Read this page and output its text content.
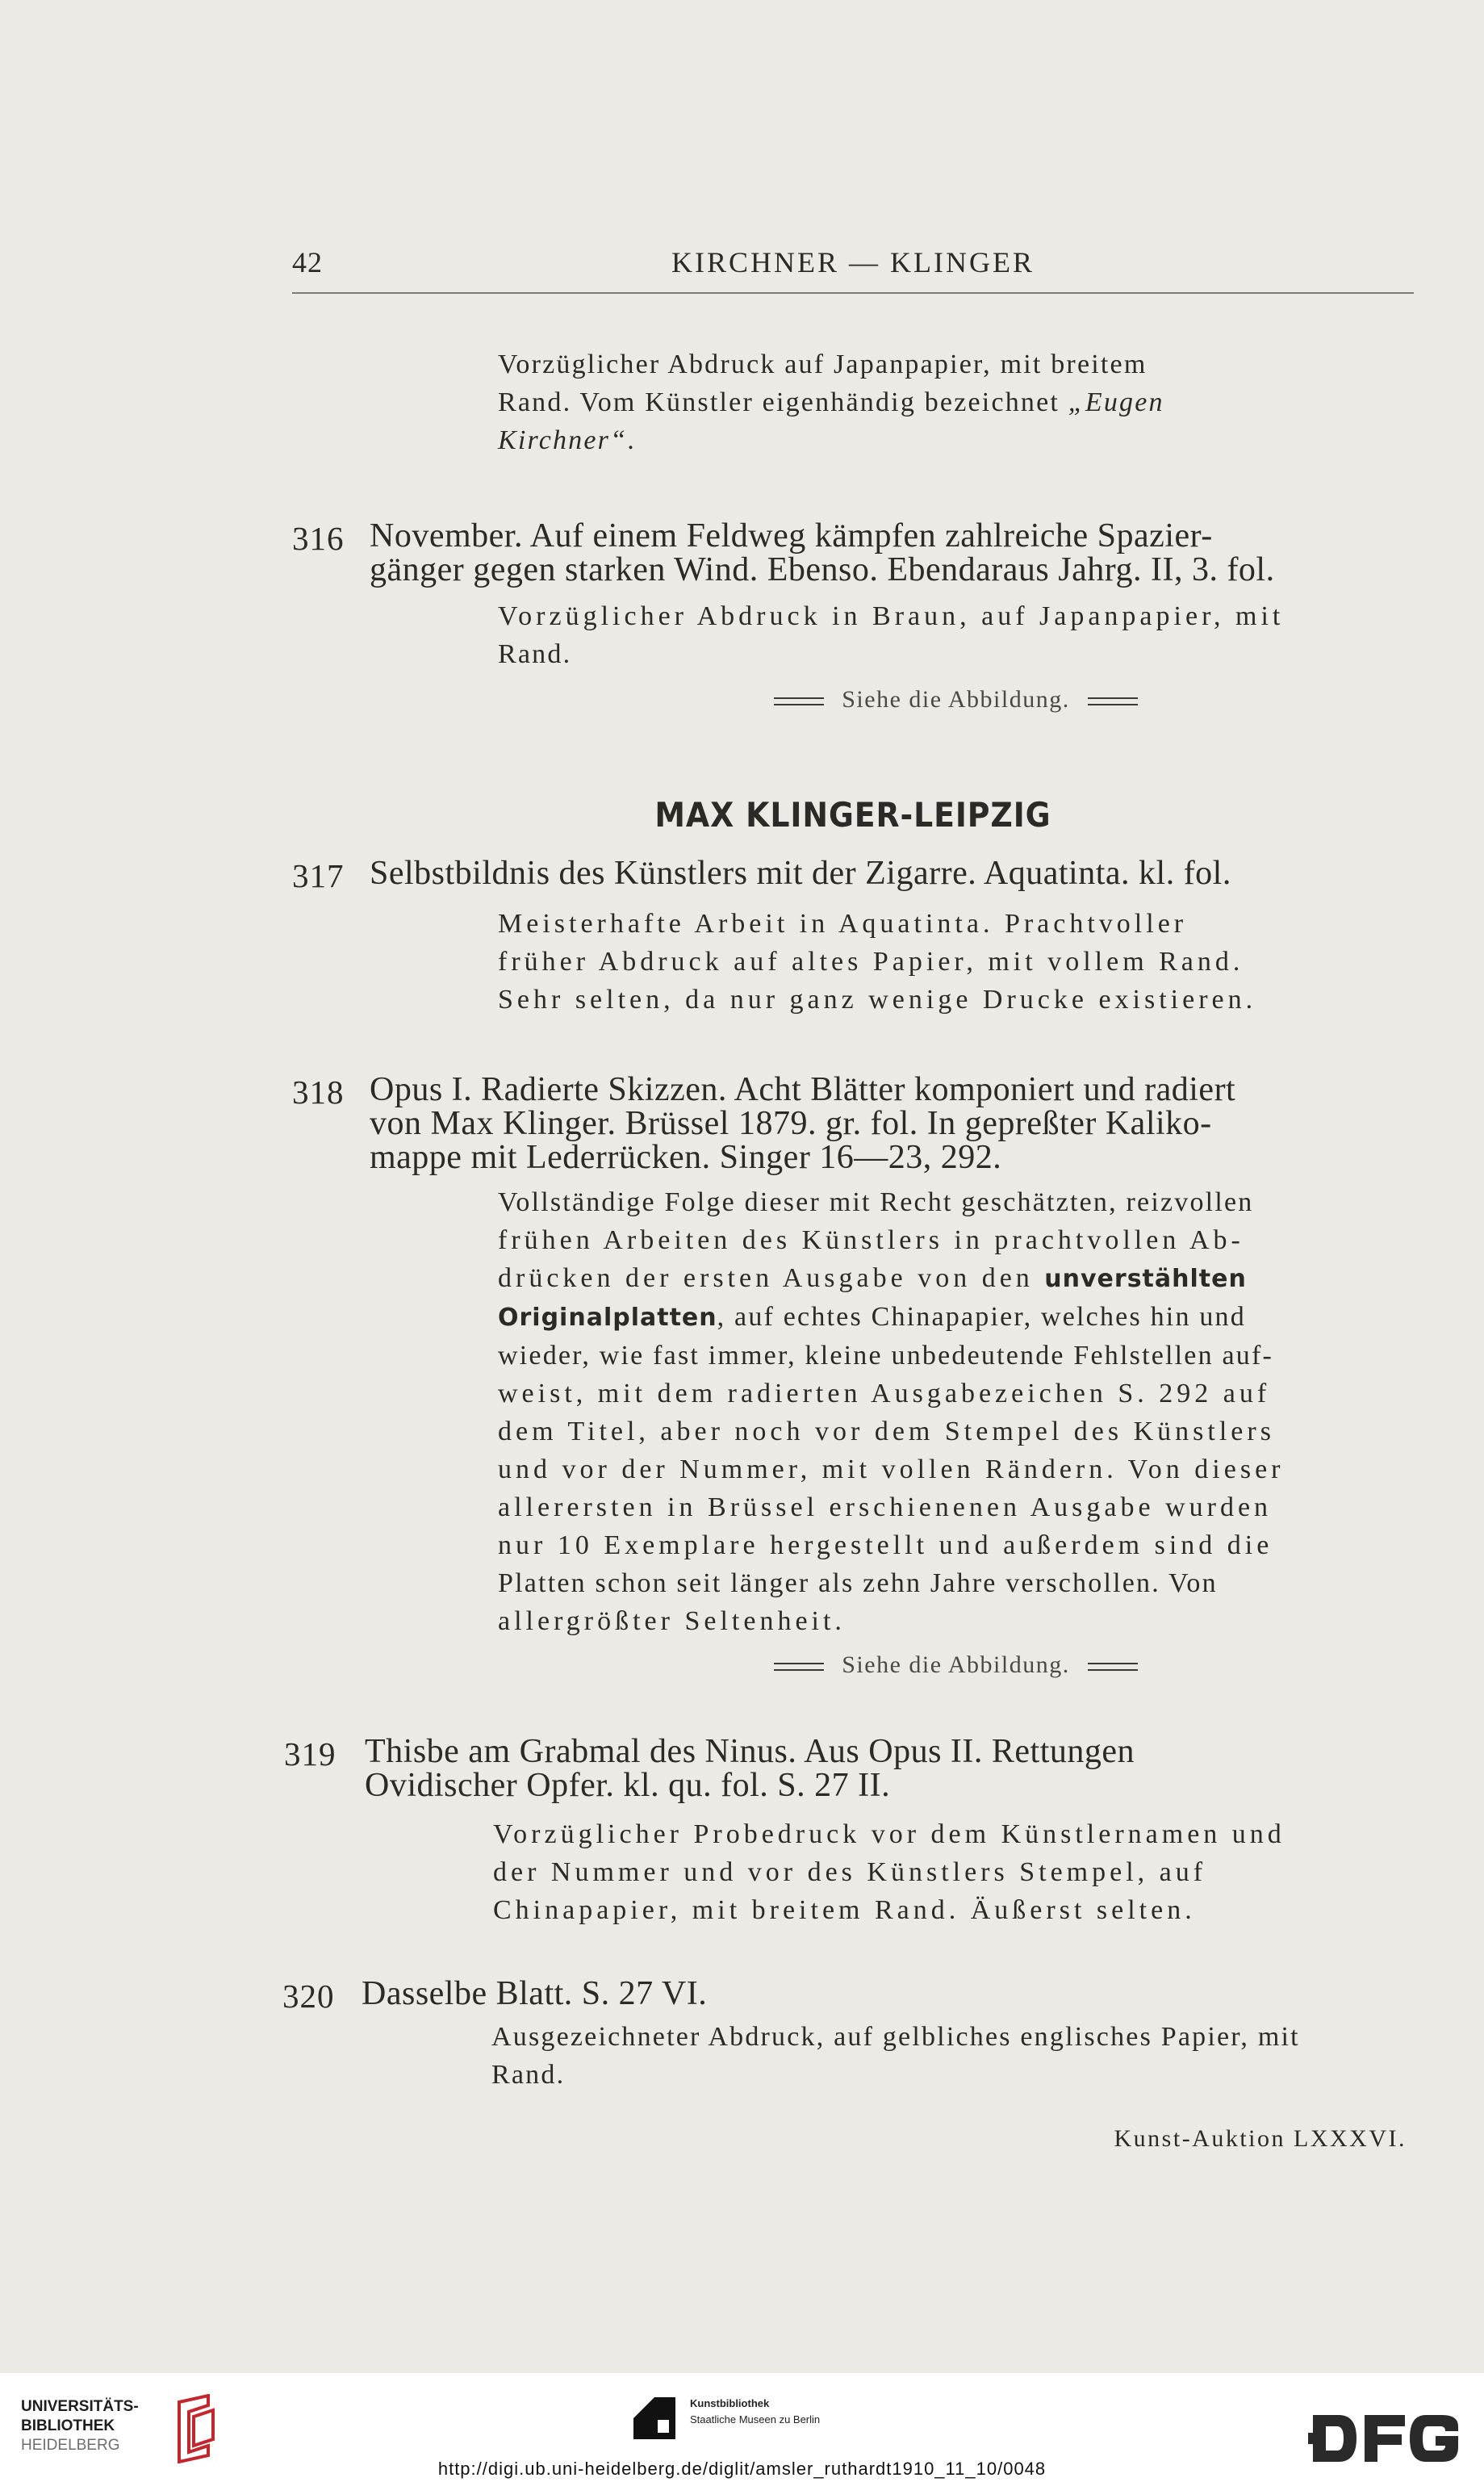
42	KIRCHNER — KLINGER

Vorzüglicher Abdruck auf Japanpapier, mit breitem

Rand. Vom Künstler eigenhändig bezeichnet „Eugen

Kirchner“.

316 November. Auf einem Feldweg kämpfen zahlreiche Spazier-
gänger gegen starken Wind. Ebenso. Ebendaraus Jahrg. II, 3. fol.

Vorzüglicher Abdruck in Braun, auf Japanpapier, mit

Rand.

Siehe die Abbildung.
MAX KLINGER-LEIPZIG
317 Selbstbildnis des Künstlers mit der Zigarre. Aquatinta. kl. fol.

Meisterhafte Arbeit in Aquatinta. Prachtvoller

früher Abdruck auf altes Papier, mit vollem Rand.

Sehr selten, da nur ganz wenige Drucke existieren.

318 Opus I. Radierte Skizzen. Acht Blätter komponiert und radiert
von Max Klinger. Brüssel 1879. gr. fol. In gepreßter Kaliko-
mappe mit Lederrücken. Singer 16—23, 292.

Vollständige Folge dieser mit Recht geschätzten, reizvollen

frühen Arbeiten des Künstlers in prachtvollen Ab-

drücken der ersten Ausgabe von den unverstählten

Originalplatten, auf echtes Chinapapier, welches hin und

wieder, wie fast immer, kleine unbedeutende Fehlstellen auf-

weist, mit dem radierten Ausgabezeichen S. 292 auf

dem Titel, aber noch vor dem Stempel des Künstlers

und vor der Nummer, mit vollen Rändern. Von dieser

allerersten in Brüssel erschienenen Ausgabe wurden

nur 10 Exemplare hergestellt und außerdem sind die

Platten schon seit länger als zehn Jahre verschollen. Von

allergrößter Seltenheit.

Siehe die Abbildung.
319 Thisbe am Grabmal des Ninus. Aus Opus II. Rettungen
Ovidischer Opfer. kl. qu. fol. S. 27 II.

Vorzüglicher Probedruck vor dem Künstlernamen und

der Nummer und vor des Künstlers Stempel, auf

Chinapapier, mit breitem Rand. Äußerst selten.

320 Dasselbe Blatt. S. 27 VI.

Ausgezeichneter Abdruck, auf gelbliches englisches Papier, mit

Rand.

Kunst-Auktion LXXXVI.
UNIVERSITÄTS-
BIBLIOTHEK
HEIDELBERG
Kunstbibliothek
Staatliche Museen zu Berlin
http://digi.ub.uni-heidelberg.de/diglit/amsler_ruthardt1910_11_10/0048
